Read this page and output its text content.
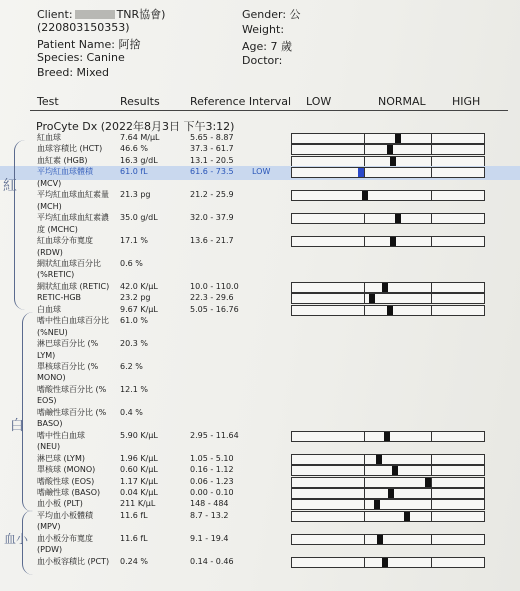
Client:	TNR協會)
(220803150353)
Patient Name: 阿捨
Species: Canine
Breed: Mixed
Gender: 公
Weight:
Age: 7 歲
Doctor:
Test	Results	Reference Interval LOW	NORMAL HIGH
ProCyte Dx (2022年8月3日 下午3:12)
紅血球	7.64 M/µL	5.65 - 8.87
血球容積比 (HCT) 46.6 %	37.3 - 61.7
血紅素 (HGB)	16.3 g/dL	13.1 - 20.5
平均紅血球體積	61.0 fL	61.6 - 73.5 LOW
(MCV)
平均紅血球血紅素量 21.3 pg	21.2 - 25.9
(MCH)
平均紅血球血紅素濃 35.0 g/dL	32.0 - 37.9
度 (MCHC)
紅血球分布寬度	17.1 %	13.6 - 21.7
(RDW)
網狀紅血球百分比 0.6 %
(%RETIC)
網狀紅血球 (RETIC) 42.0 K/µL	10.0 - 110.0
RETIC-HGB	23.2 pg	22.3 - 29.6
白血球	9.67 K/µL	5.05 - 16.76
嗜中性白血球百分比 61.0 %
(%NEU)
淋巴球百分比 (%	20.3 %
LYM)
單核球百分比 (%	6.2 %
MONO)
嗜酸性球百分比 (% 12.1 %
EOS)
嗜鹼性球百分比 (% 0.4 %
BASO)
嗜中性白血球	5.90 K/µL	2.95 - 11.64
(NEU)
淋巴球 (LYM)	1.96 K/µL	1.05 - 5.10
單核球 (MONO)	0.60 K/µL	0.16 - 1.12
嗜酸性球 (EOS)	1.17 K/µL	0.06 - 1.23
嗜鹼性球 (BASO) 0.04 K/µL	0.00 - 0.10
血小板 (PLT)	211 K/µL	148 - 484
平均血小板體積	11.6 fL	8.7 - 13.2
(MPV)
血小板分布寬度	11.6 fL	9.1 - 19.4
(PDW)
血小板容積比 (PCT) 0.24 %	0.14 - 0.46
紅
白
血小
